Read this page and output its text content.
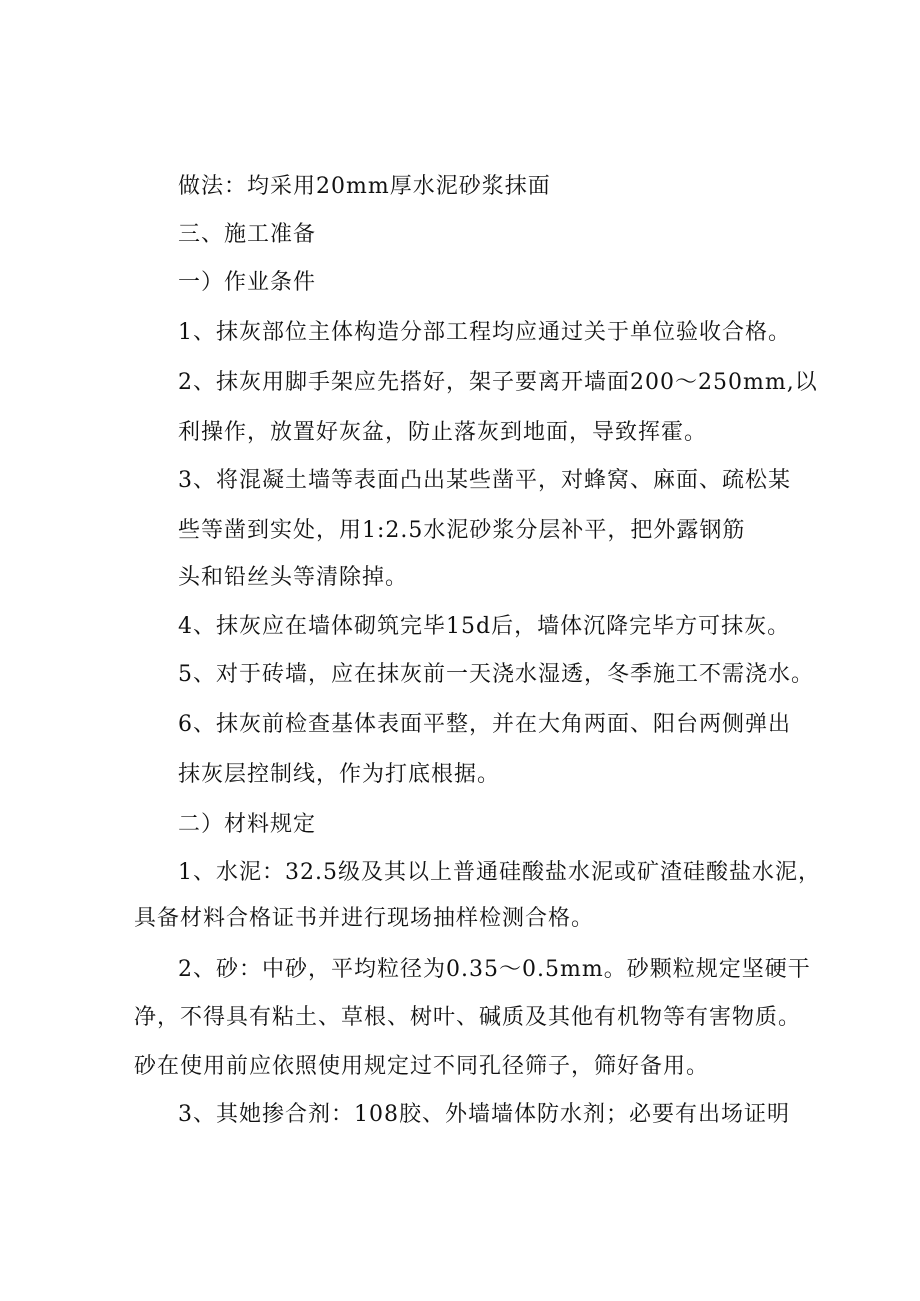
做法：均采用20mm厚水泥砂浆抹面
三、施工准备
一）作业条件
1、抹灰部位主体构造分部工程均应通过关于单位验收合格。
2、抹灰用脚手架应先搭好，架子要离开墙面200～250mm,以
利操作，放置好灰盆，防止落灰到地面，导致挥霍。
3、将混凝土墙等表面凸出某些凿平，对蜂窝、麻面、疏松某
些等凿到实处，用1:2.5水泥砂浆分层补平，把外露钢筋
头和铅丝头等清除掉。
4、抹灰应在墙体砌筑完毕15d后，墙体沉降完毕方可抹灰。
5、对于砖墙，应在抹灰前一天浇水湿透，冬季施工不需浇水。
6、抹灰前检查基体表面平整，并在大角两面、阳台两侧弹出
抹灰层控制线，作为打底根据。
二）材料规定
1、水泥：32.5级及其以上普通硅酸盐水泥或矿渣硅酸盐水泥，
具备材料合格证书并进行现场抽样检测合格。
2、砂：中砂，平均粒径为0.35～0.5mm。砂颗粒规定坚硬干
净，不得具有粘土、草根、树叶、碱质及其他有机物等有害物质。
砂在使用前应依照使用规定过不同孔径筛子，筛好备用。
3、其她掺合剂：108胶、外墙墙体防水剂；必要有出场证明
